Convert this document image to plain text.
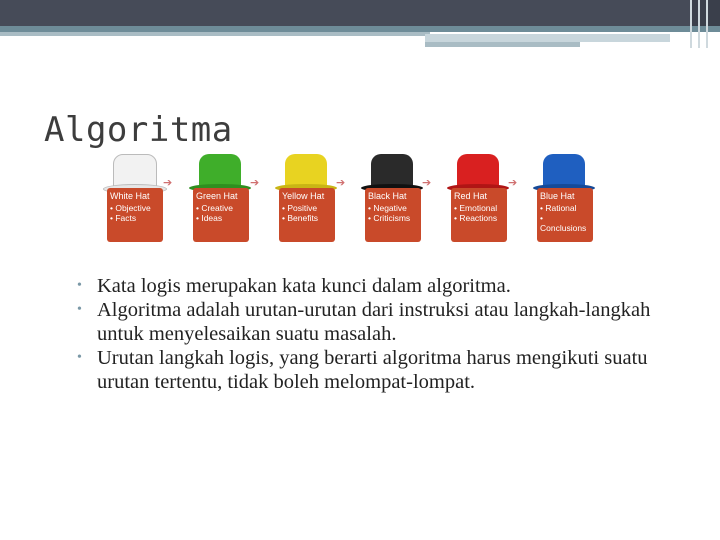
Algoritma
White Hat
• Objective
• Facts
➔
Green Hat
• Creative
• Ideas
➔
Yellow Hat
• Positive
• Benefits
➔
Black Hat
• Negative
• Criticisms
➔
Red Hat
• Emotional
• Reactions
➔
Blue Hat
• Rational
• Conclusions
• Kata logis merupakan kata kunci dalam algoritma.
• Algoritma adalah urutan-urutan dari instruksi atau langkah-langkah untuk menyelesaikan suatu masalah.
• Urutan langkah logis, yang berarti algoritma harus mengikuti suatu urutan tertentu, tidak boleh melompat-lompat.
